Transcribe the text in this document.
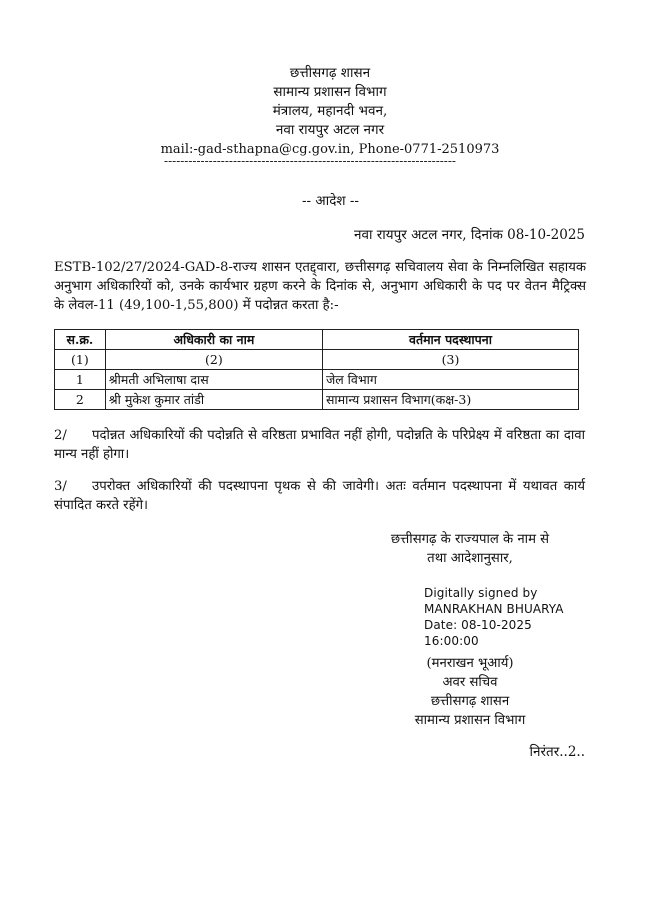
छत्तीसगढ़ शासन
सामान्य प्रशासन विभाग
मंत्रालय, महानदी भवन,
नवा रायपुर अटल नगर
mail:-gad-sthapna@cg.gov.in, Phone-0771-2510973
------------------------------------------------------------------------
-- आदेश --
नवा रायपुर अटल नगर, दिनांक 08-10-2025
ESTB-102/27/2024-GAD-8-राज्य शासन एतद्द्वारा, छत्तीसगढ़ सचिवालय सेवा के निम्नलिखित सहायक अनुभाग अधिकारियों को, उनके कार्यभार ग्रहण करने के दिनांक से, अनुभाग अधिकारी के पद पर वेतन मैट्रिक्स के लेवल-11 (49,100-1,55,800) में पदोन्नत करता है:-
स.क्र.	अधिकारी का नाम	वर्तमान पदस्थापना
(1)	(2)	(3)
1	श्रीमती अभिलाषा दास	जेल विभाग
2	श्री मुकेश कुमार तांडी	सामान्य प्रशासन विभाग(कक्ष-3)
2/ पदोन्नत अधिकारियों की पदोन्नति से वरिष्ठता प्रभावित नहीं होगी, पदोन्नति के परिप्रेक्ष्य में वरिष्ठता का दावा मान्य नहीं होगा।
3/ उपरोक्त अधिकारियों की पदस्थापना पृथक से की जावेगी। अतः वर्तमान पदस्थापना में यथावत कार्य संपादित करते रहेंगे।
छत्तीसगढ़ के राज्यपाल के नाम से
तथा आदेशानुसार,
Digitally signed by
MANRAKHAN BHUARYA
Date: 08-10-2025
16:00:00
(मनराखन भूआर्य)
अवर सचिव
छत्तीसगढ़ शासन
सामान्य प्रशासन विभाग
निरंतर..2..
